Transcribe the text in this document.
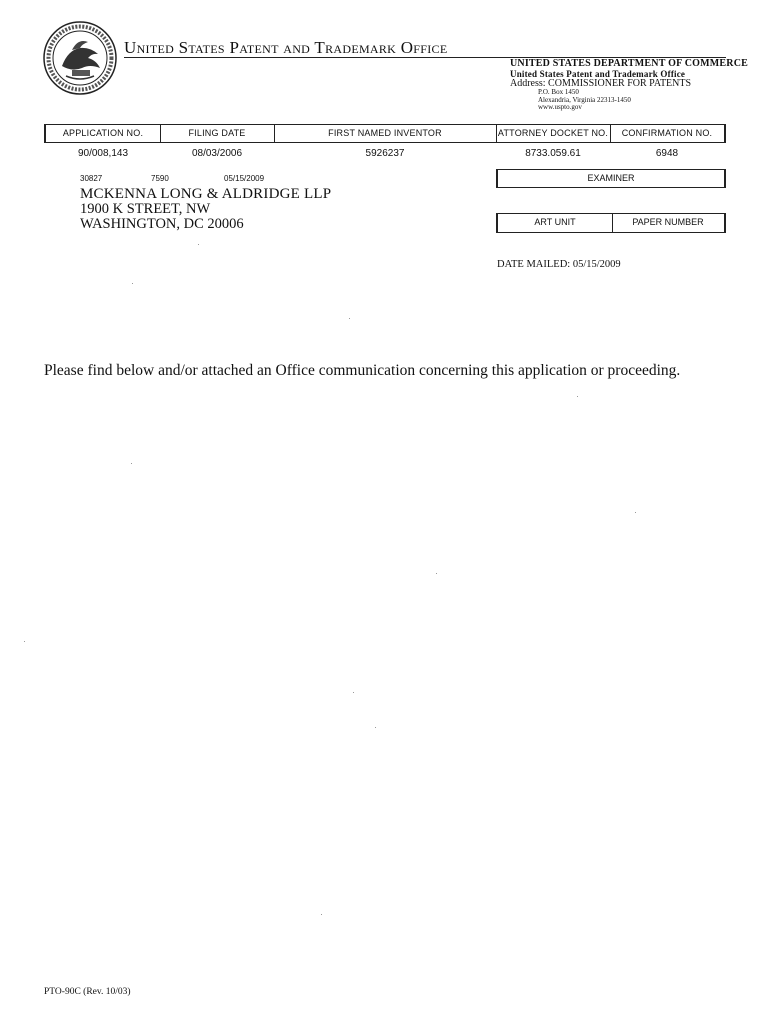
United States Patent and Trademark Office
UNITED STATES DEPARTMENT OF COMMERCE
United States Patent and Trademark Office
Address: COMMISSIONER FOR PATENTS
P.O. Box 1450
Alexandria, Virginia 22313-1450
www.uspto.gov
APPLICATION NO.	FILING DATE	FIRST NAMED INVENTOR	ATTORNEY DOCKET NO.	CONFIRMATION NO.
90/008,143	08/03/2006	5926237	8733.059.61	6948
30827	7590	05/15/2009
MCKENNA LONG & ALDRIDGE LLP
1900 K STREET, NW
WASHINGTON, DC 20006
EXAMINER
ART UNIT	PAPER NUMBER
DATE MAILED: 05/15/2009
Please find below and/or attached an Office communication concerning this application or proceeding.
PTO-90C (Rev. 10/03)
